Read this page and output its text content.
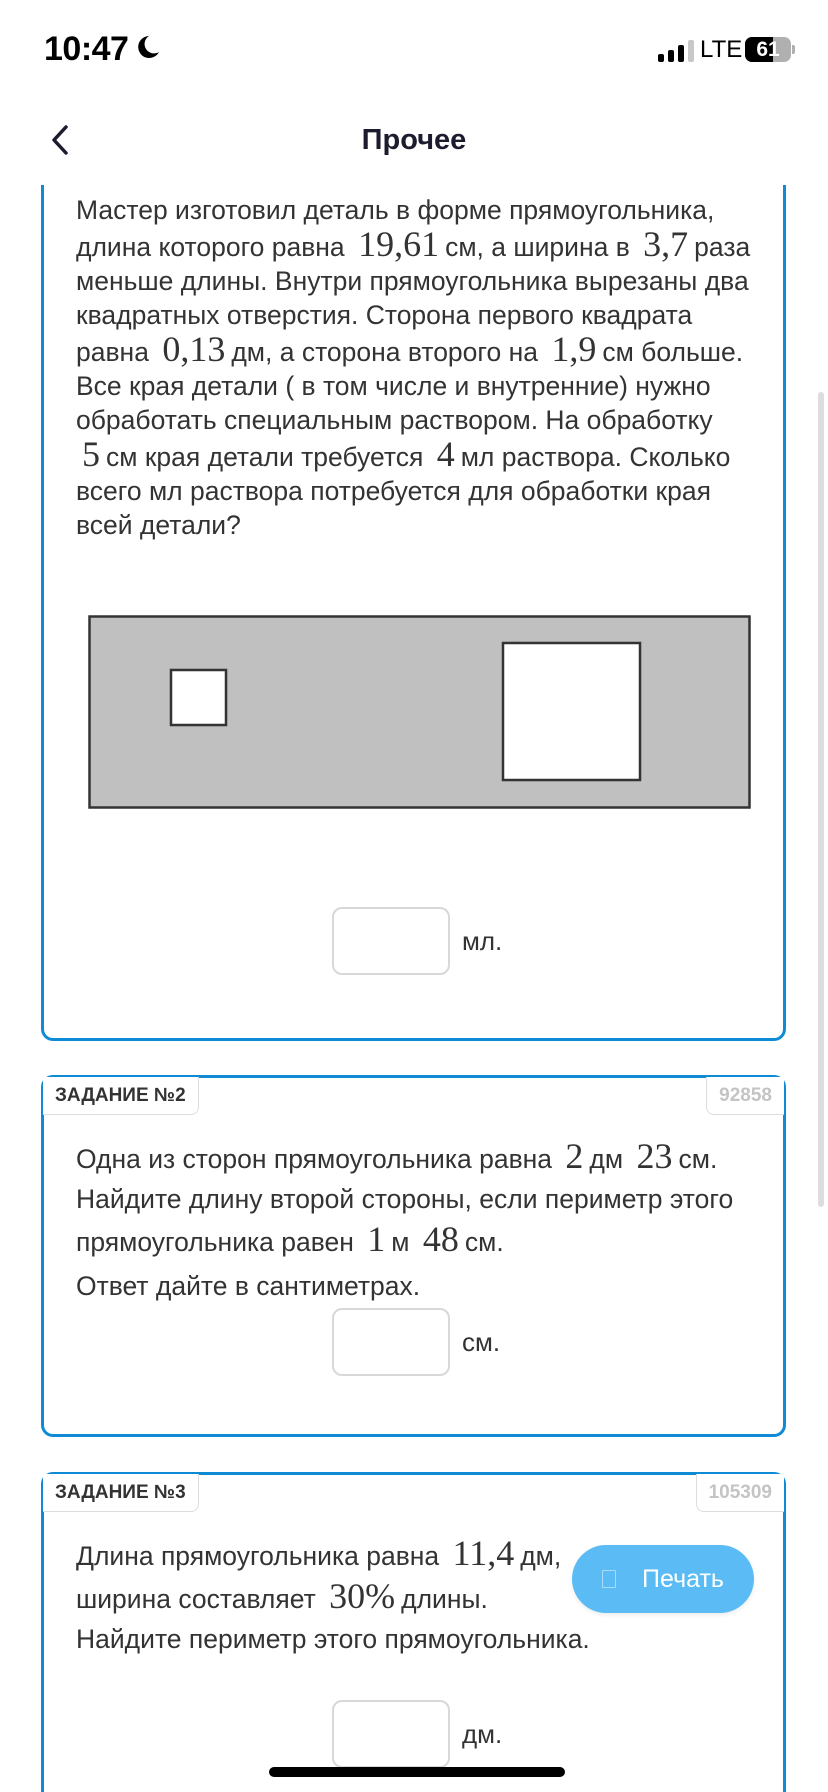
10:47	LTE 61
Прочее
Мастер изготовил деталь в форме прямоугольника, длина которого равна 19,61 см, а ширина в 3,7 раза меньше длины. Внутри прямоугольника вырезаны два квадратных отверстия. Сторона первого квадрата равна 0,13 дм, а сторона второго на 1,9 см больше. Все края детали ( в том числе и внутренние) нужно обработать специальным раствором. На обработку 5 см края детали требуется 4 мл раствора. Сколько всего мл раствора потребуется для обработки края всей детали?
мл.
ЗАДАНИЕ №2	92858
Одна из сторон прямоугольника равна 2 дм 23 см. Найдите длину второй стороны, если периметр этого прямоугольника равен 1 м 48 см.
Ответ дайте в сантиметрах.
см.
ЗАДАНИЕ №3	105309
Длина прямоугольника равна 11,4 дм,
ширина составляет 30% длины. Найдите периметр этого прямоугольника.
дм.
Печать
